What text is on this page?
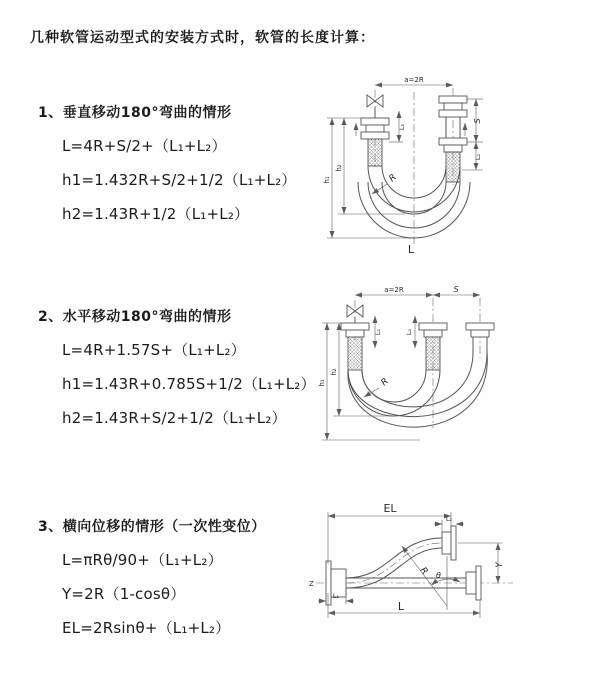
几种软管运动型式的安装方式时，软管的长度计算：
1、垂直移动180°弯曲的情形
L=4R+S/2+（L₁+L₂）
h1=1.432R+S/2+1/2（L₁+L₂）
h2=1.43R+1/2（L₁+L₂）
a=2R
h₁
h₂
L₁
S
L₂
R
L
2、水平移动180°弯曲的情形
L=4R+1.57S+（L₁+L₂）
h1=1.43R+0.785S+1/2（L₁+L₂）
h2=1.43R+S/2+1/2（L₁+L₂）
a=2R	S
h₁
h₂
L₁	L₂
R
3、横向位移的情形（一次性变位）
L=πRθ/90+（L₁+L₂）
Y=2R（1-cosθ）
EL=2Rsinθ+（L₁+L₂）
Z
EL
L₂
Y
R θ
L₁
L
